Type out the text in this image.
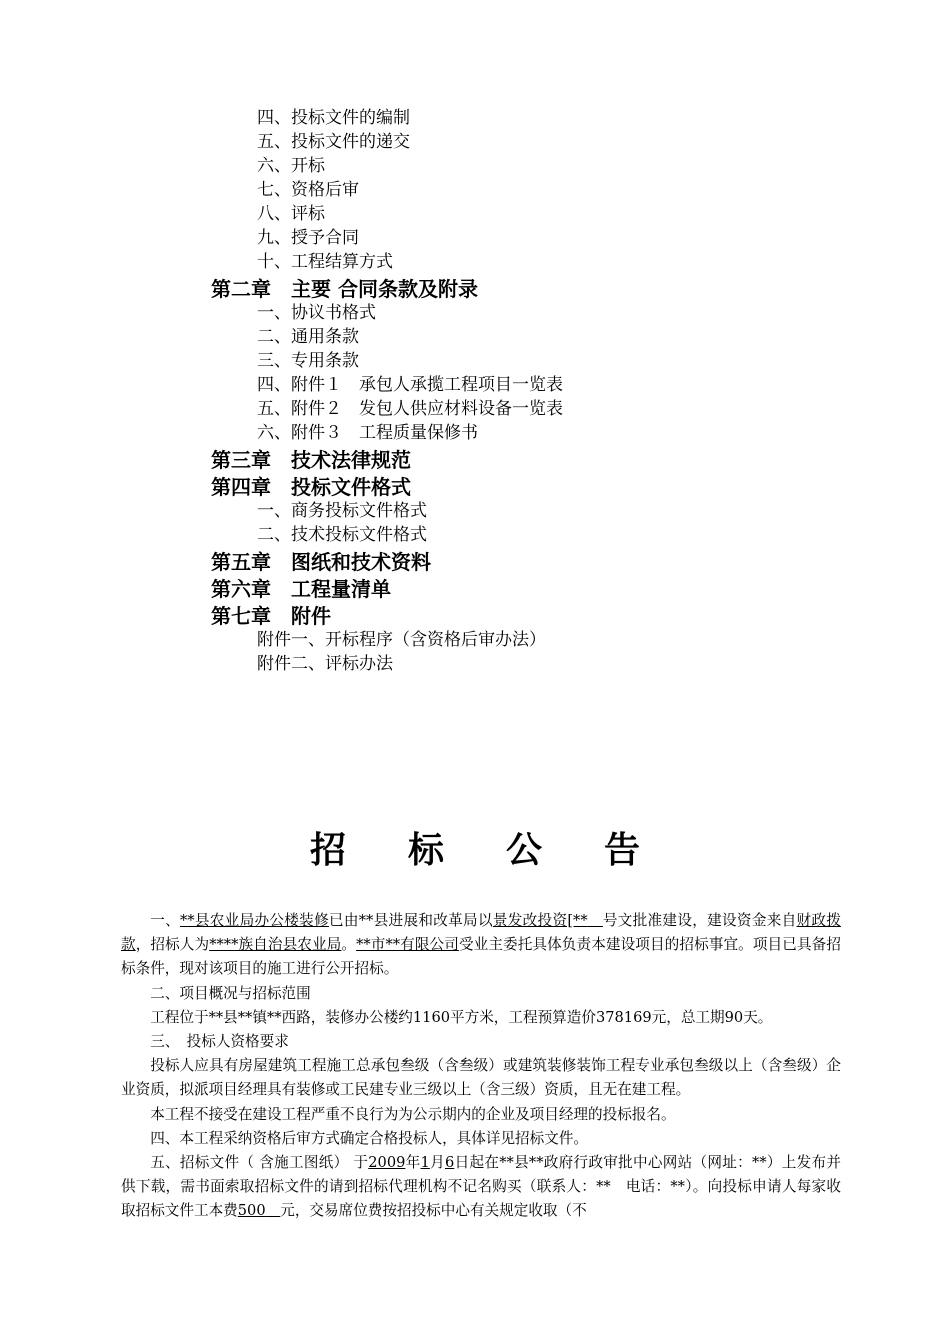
四、投标文件的编制
五、投标文件的递交
六、开标
七、资格后审
八、评标
九、授予合同
十、工程结算方式
第二章　主要 合同条款及附录
一、协议书格式
二、通用条款
三、专用条款
四、附件１　承包人承揽工程项目一览表
五、附件２　发包人供应材料设备一览表
六、附件３　工程质量保修书
第三章　技术法律规范
第四章　投标文件格式
一、商务投标文件格式
二、技术投标文件格式
第五章　图纸和技术资料
第六章　工程量清单
第七章　附件
附件一、开标程序（含资格后审办法）
附件二、评标办法
招标公告

一、**县农业局办公楼装修已由**县进展和改革局以景发改投资[**　 号文批准建设，建设资金来自财政拨款，招标人为****族自治县农业局。**市**有限公司受业主委托具体负责本建设项目的招标事宜。项目已具备招标条件，现对该项目的施工进行公开招标。

二、项目概况与招标范围

工程位于**县**镇**西路，装修办公楼约1160平方米，工程预算造价378169元，总工期90天。

三、　投标人资格要求

投标人应具有房屋建筑工程施工总承包叁级（含叁级）或建筑装修装饰工程专业承包叁级以上（含叁级）企业资质，拟派项目经理具有装修或工民建专业三级以上（含三级）资质，且无在建工程。

本工程不接受在建设工程严重不良行为为公示期内的企业及项目经理的投标报名。

四、本工程采纳资格后审方式确定合格投标人，具体详见招标文件。

五、招标文件（ 含施工图纸） 于2009年1月6日起在**县**政府行政审批中心网站（网址：**）上发布并供下载，需书面索取招标文件的请到招标代理机构不记名购买（联系人：**　电话：**）。向投标申请人每家收取招标文件工本费500　 元，交易席位费按招投标中心有关规定收取（不
